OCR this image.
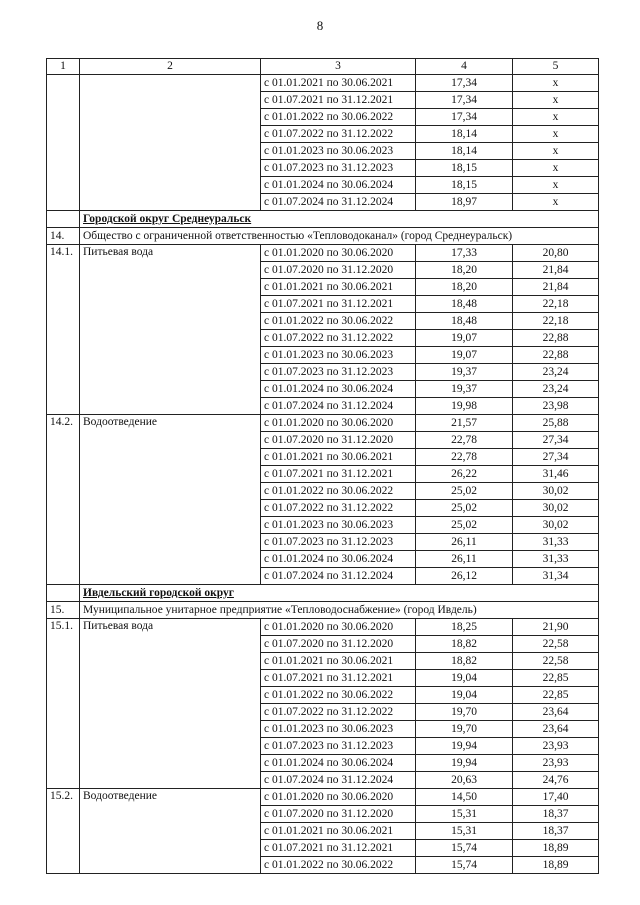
8
1	2	3	4	5
		с 01.01.2021 по 30.06.2021	17,34	х
		с 01.07.2021 по 31.12.2021	17,34	х
		с 01.01.2022 по 30.06.2022	17,34	х
		с 01.07.2022 по 31.12.2022	18,14	х
		с 01.01.2023 по 30.06.2023	18,14	х
		с 01.07.2023 по 31.12.2023	18,15	х
		с 01.01.2024 по 30.06.2024	18,15	х
		с 01.07.2024 по 31.12.2024	18,97	х
	Городской округ Среднеуральск			
14.	Общество с ограниченной ответственностью «Тепловодоканал» (город Среднеуральск)			
14.1.	Питьевая вода	с 01.01.2020 по 30.06.2020	17,33	20,80
		с 01.07.2020 по 31.12.2020	18,20	21,84
		с 01.01.2021 по 30.06.2021	18,20	21,84
		с 01.07.2021 по 31.12.2021	18,48	22,18
		с 01.01.2022 по 30.06.2022	18,48	22,18
		с 01.07.2022 по 31.12.2022	19,07	22,88
		с 01.01.2023 по 30.06.2023	19,07	22,88
		с 01.07.2023 по 31.12.2023	19,37	23,24
		с 01.01.2024 по 30.06.2024	19,37	23,24
		с 01.07.2024 по 31.12.2024	19,98	23,98
14.2.	Водоотведение	с 01.01.2020 по 30.06.2020	21,57	25,88
		с 01.07.2020 по 31.12.2020	22,78	27,34
		с 01.01.2021 по 30.06.2021	22,78	27,34
		с 01.07.2021 по 31.12.2021	26,22	31,46
		с 01.01.2022 по 30.06.2022	25,02	30,02
		с 01.07.2022 по 31.12.2022	25,02	30,02
		с 01.01.2023 по 30.06.2023	25,02	30,02
		с 01.07.2023 по 31.12.2023	26,11	31,33
		с 01.01.2024 по 30.06.2024	26,11	31,33
		с 01.07.2024 по 31.12.2024	26,12	31,34
	Ивдельский городской округ			
15.	Муниципальное унитарное предприятие «Тепловодоснабжение» (город Ивдель)			
15.1.	Питьевая вода	с 01.01.2020 по 30.06.2020	18,25	21,90
		с 01.07.2020 по 31.12.2020	18,82	22,58
		с 01.01.2021 по 30.06.2021	18,82	22,58
		с 01.07.2021 по 31.12.2021	19,04	22,85
		с 01.01.2022 по 30.06.2022	19,04	22,85
		с 01.07.2022 по 31.12.2022	19,70	23,64
		с 01.01.2023 по 30.06.2023	19,70	23,64
		с 01.07.2023 по 31.12.2023	19,94	23,93
		с 01.01.2024 по 30.06.2024	19,94	23,93
		с 01.07.2024 по 31.12.2024	20,63	24,76
15.2.	Водоотведение	с 01.01.2020 по 30.06.2020	14,50	17,40
		с 01.07.2020 по 31.12.2020	15,31	18,37
		с 01.01.2021 по 30.06.2021	15,31	18,37
		с 01.07.2021 по 31.12.2021	15,74	18,89
		с 01.01.2022 по 30.06.2022	15,74	18,89
